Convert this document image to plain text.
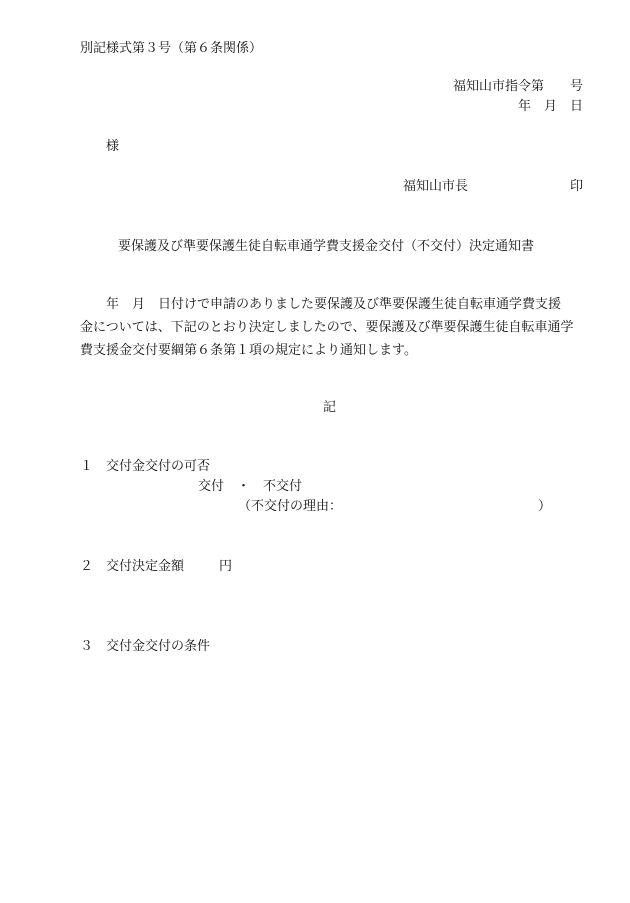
別記様式第３号（第６条関係）
福知山市指令第　　号
年　月　日
様
福知山市長	印
要保護及び準要保護生徒自転車通学費支援金交付（不交付）決定通知書

　　年　月　日付けで申請のありました要保護及び準要保護生徒自転車通学費支援

金については、下記のとおり決定しましたので、要保護及び準要保護生徒自転車通学

費支援金交付要綱第６条第１項の規定により通知します。

記
１　交付金交付の可否
交付　・　不交付
（不交付の理由：	）
２　交付決定金額	円
３　交付金交付の条件
